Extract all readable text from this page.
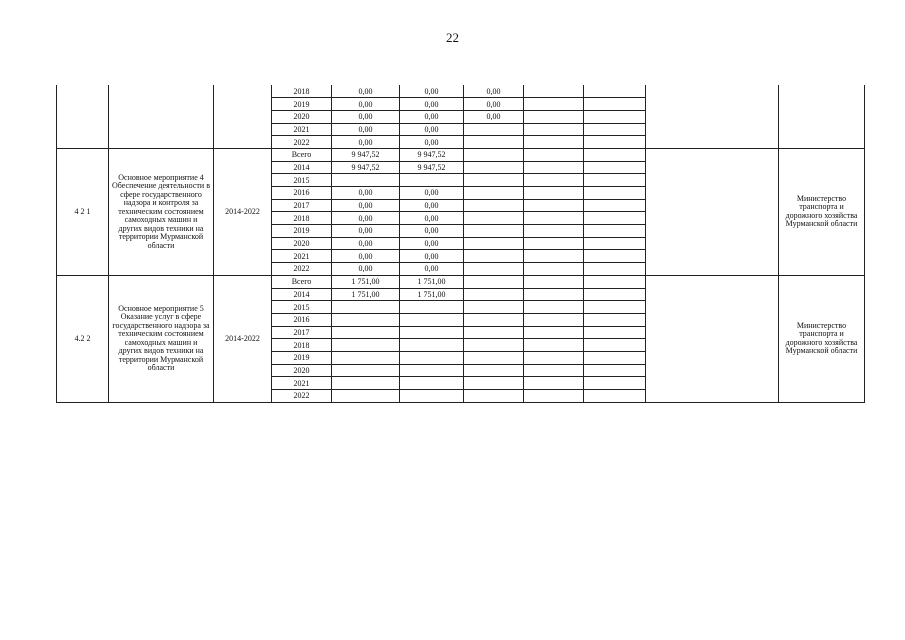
22
			2018	0,00	0,00	0,00				
			2019	0,00	0,00	0,00				
			2020	0,00	0,00	0,00				
			2021	0,00	0,00					
			2022	0,00	0,00					
4 2 1	Основное мероприятие 4 Обеспечение деятельности в сфере государственного надзора и контроля за техническим состоянием самоходных машин и других видов техники на территории Мурманской области	2014-2022	Всего	9 947,52	9 947,52					Министерство транспорта и дорожного хозяйства Мурманской области
			2014	9 947,52	9 947,52					
			2015							
			2016	0,00	0,00					
			2017	0,00	0,00					
			2018	0,00	0,00					
			2019	0,00	0,00					
			2020	0,00	0,00					
			2021	0,00	0,00					
			2022	0,00	0,00					
4.2 2	Основное мероприятие 5 Оказание услуг в сфере государственного надзора за техническим состоянием самоходных машин и других видов техники на территории Мурманской области	2014-2022	Всего	1 751,00	1 751,00					Министерство транспорта и дорожного хозяйства Мурманской области
			2014	1 751,00	1 751,00					
			2015							
			2016							
			2017							
			2018							
			2019							
			2020							
			2021							
			2022							
